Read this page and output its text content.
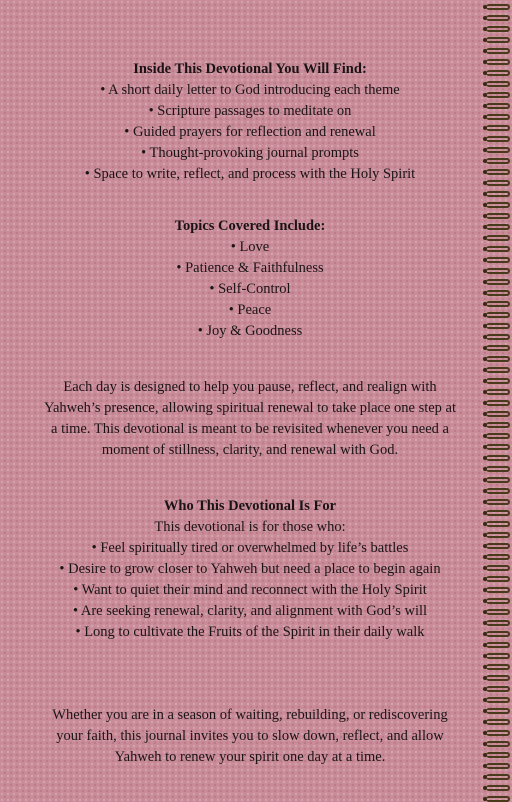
Inside This Devotional You Will Find:
• A short daily letter to God introducing each theme
• Scripture passages to meditate on
• Guided prayers for reflection and renewal
• Thought-provoking journal prompts
• Space to write, reflect, and process with the Holy Spirit
Topics Covered Include:
• Love
• Patience & Faithfulness
• Self-Control
• Peace
• Joy & Goodness
Each day is designed to help you pause, reflect, and realign with Yahweh’s presence, allowing spiritual renewal to take place one step at a time. This devotional is meant to be revisited whenever you need a moment of stillness, clarity, and renewal with God.
Who This Devotional Is For
This devotional is for those who:
• Feel spiritually tired or overwhelmed by life’s battles
• Desire to grow closer to Yahweh but need a place to begin again
• Want to quiet their mind and reconnect with the Holy Spirit
• Are seeking renewal, clarity, and alignment with God’s will
• Long to cultivate the Fruits of the Spirit in their daily walk
Whether you are in a season of waiting, rebuilding, or rediscovering your faith, this journal invites you to slow down, reflect, and allow Yahweh to renew your spirit one day at a time.
